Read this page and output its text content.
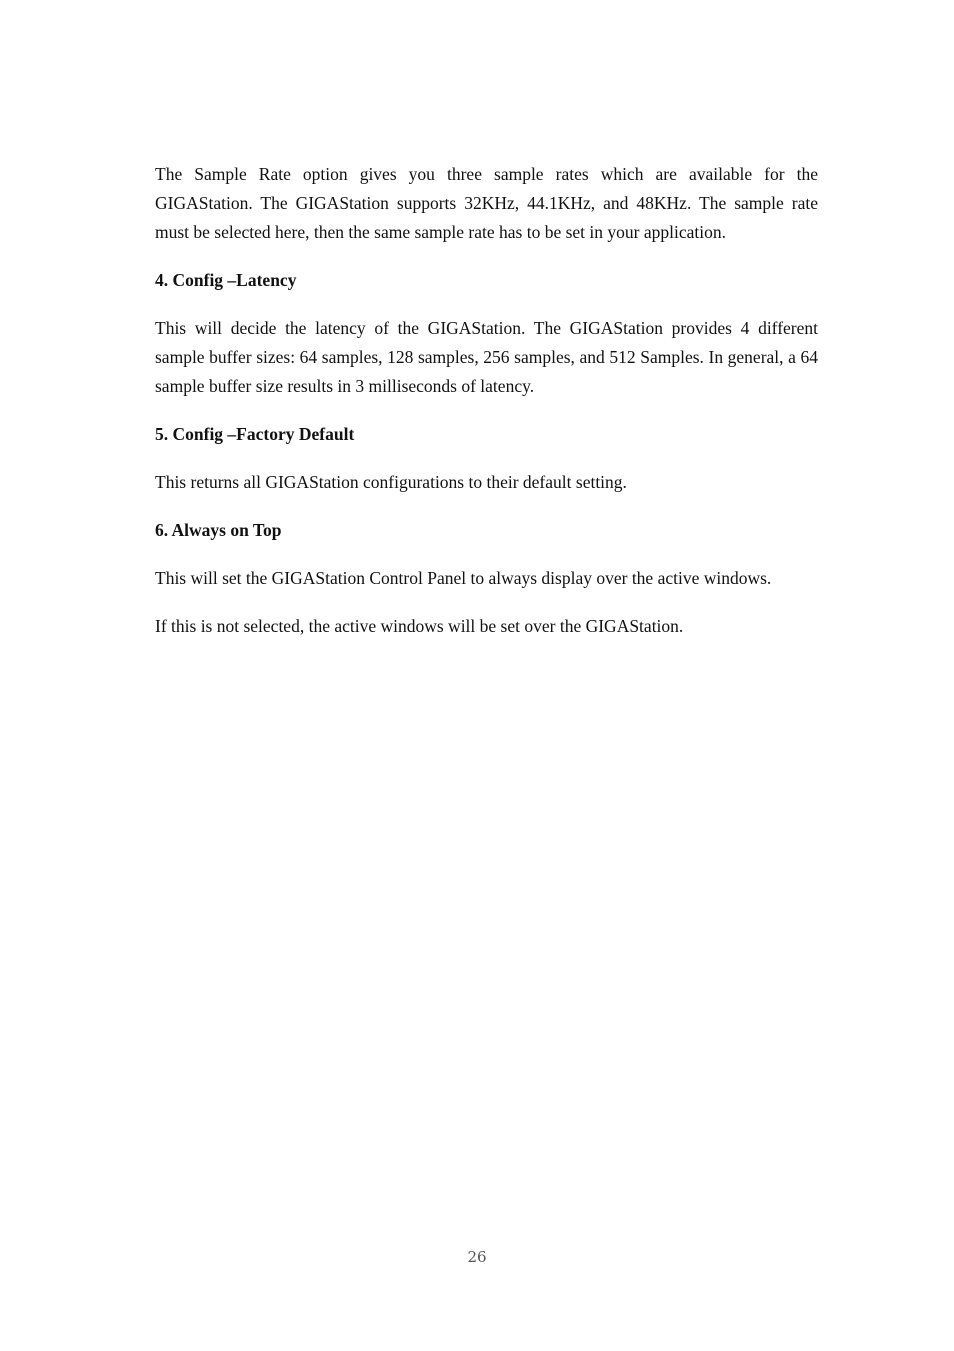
The Sample Rate option gives you three sample rates which are available for the GIGAStation. The GIGAStation supports 32KHz, 44.1KHz, and 48KHz. The sample rate must be selected here, then the same sample rate has to be set in your application.

4. Config –Latency

This will decide the latency of the GIGAStation. The GIGAStation provides 4 different sample buffer sizes: 64 samples, 128 samples, 256 samples, and 512 Samples. In general, a 64 sample buffer size results in 3 milliseconds of latency.

5. Config –Factory Default

This returns all GIGAStation configurations to their default setting.

6. Always on Top

This will set the GIGAStation Control Panel to always display over the active windows.

If this is not selected, the active windows will be set over the GIGAStation.

26
